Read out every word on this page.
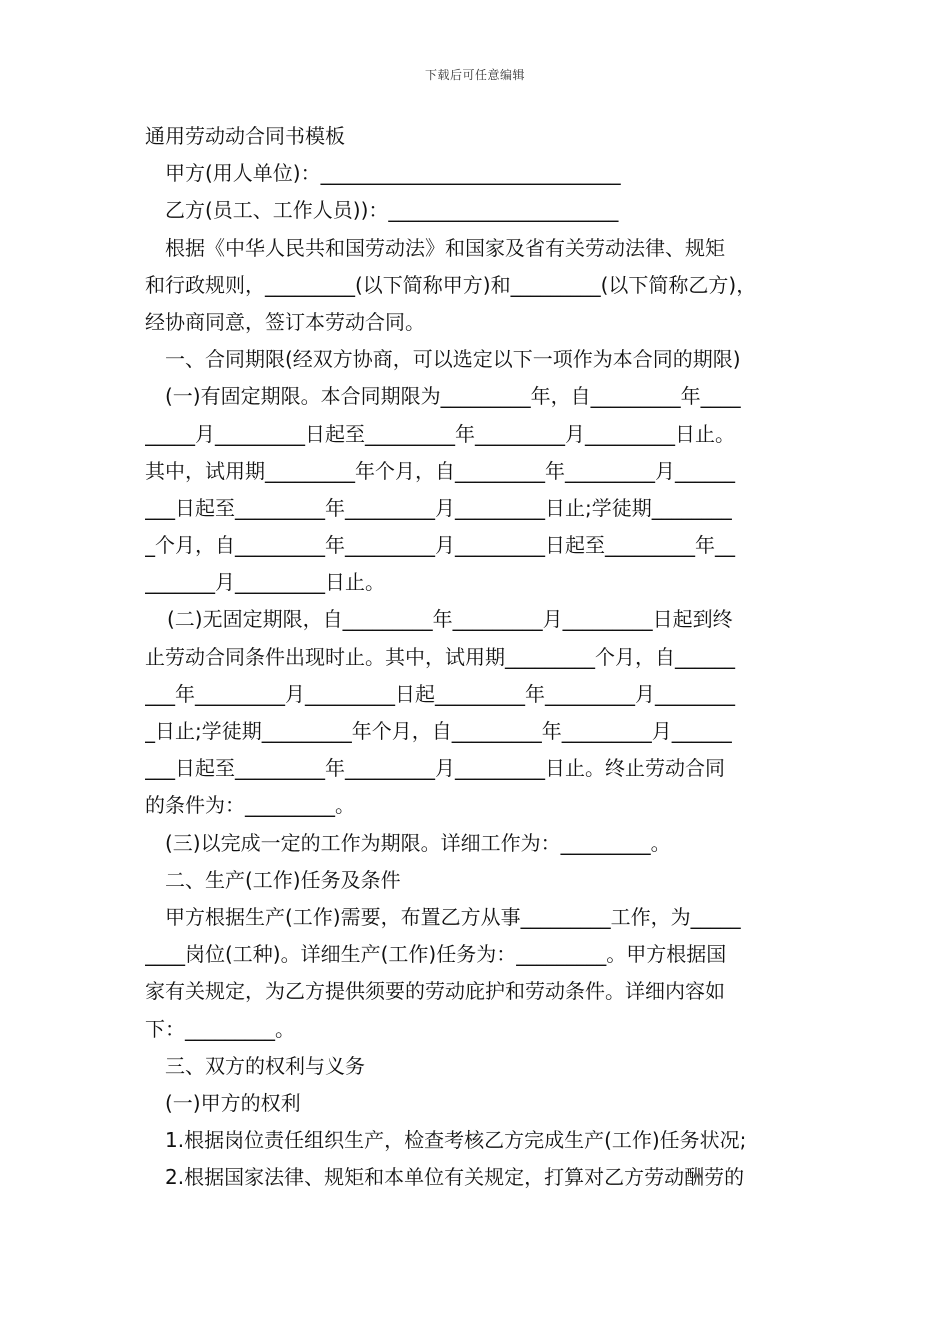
下载后可任意编辑
通用劳动动合同书模板
甲方(用人单位)：______________________________
乙方(员工、工作人员))：_______________________
根据《中华人民共和国劳动法》和国家及省有关劳动法律、规矩
和行政规则，_________(以下简称甲方)和_________(以下简称乙方)，
经协商同意，签订本劳动合同。
一、合同期限(经双方协商，可以选定以下一项作为本合同的期限)
(一)有固定期限。本合同期限为_________年，自_________年____
_____月_________日起至_________年_________月_________日止。
其中，试用期_________年个月，自_________年_________月______
___日起至_________年_________月_________日止;学徒期________
_个月，自_________年_________月_________日起至_________年__
_______月_________日止。
(二)无固定期限，自_________年_________月_________日起到终
止劳动合同条件出现时止。其中，试用期_________个月，自______
___年_________月_________日起_________年_________月________
_日止;学徒期_________年个月，自_________年_________月______
___日起至_________年_________月_________日止。终止劳动合同
的条件为：_________。
(三)以完成一定的工作为期限。详细工作为：_________。
二、生产(工作)任务及条件
甲方根据生产(工作)需要，布置乙方从事_________工作，为_____
____岗位(工种)。详细生产(工作)任务为：_________。甲方根据国
家有关规定，为乙方提供须要的劳动庇护和劳动条件。详细内容如
下：_________。
三、双方的权利与义务
(一)甲方的权利
1.根据岗位责任组织生产，检查考核乙方完成生产(工作)任务状况;
2.根据国家法律、规矩和本单位有关规定，打算对乙方劳动酬劳的
